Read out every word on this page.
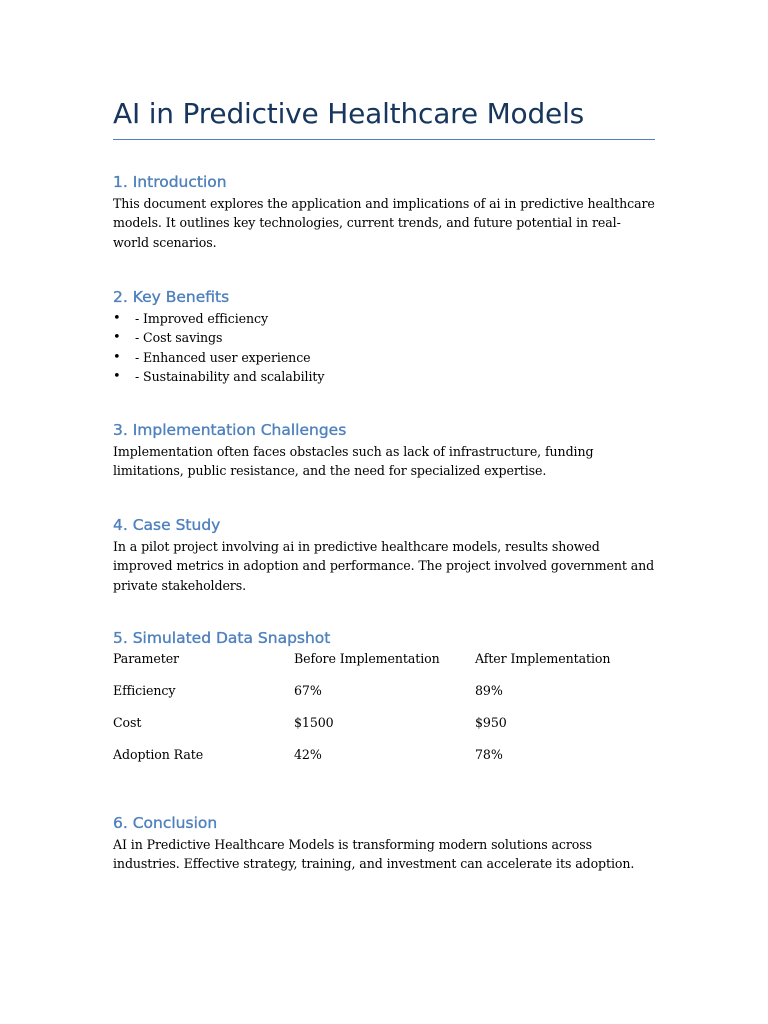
AI in Predictive Healthcare Models
1. Introduction

This document explores the application and implications of ai in predictive healthcare models. It outlines key technologies, current trends, and future potential in real-world scenarios.

2. Key Benefits
• - Improved efficiency
• - Cost savings
• - Enhanced user experience
• - Sustainability and scalability
3. Implementation Challenges

Implementation often faces obstacles such as lack of infrastructure, funding limitations, public resistance, and the need for specialized expertise.

4. Case Study

In a pilot project involving ai in predictive healthcare models, results showed improved metrics in adoption and performance. The project involved government and private stakeholders.

5. Simulated Data Snapshot
Parameter	Before Implementation	After Implementation
Efficiency	67%	89%
Cost	$1500	$950
Adoption Rate	42%	78%
6. Conclusion

AI in Predictive Healthcare Models is transforming modern solutions across industries. Effective strategy, training, and investment can accelerate its adoption.
